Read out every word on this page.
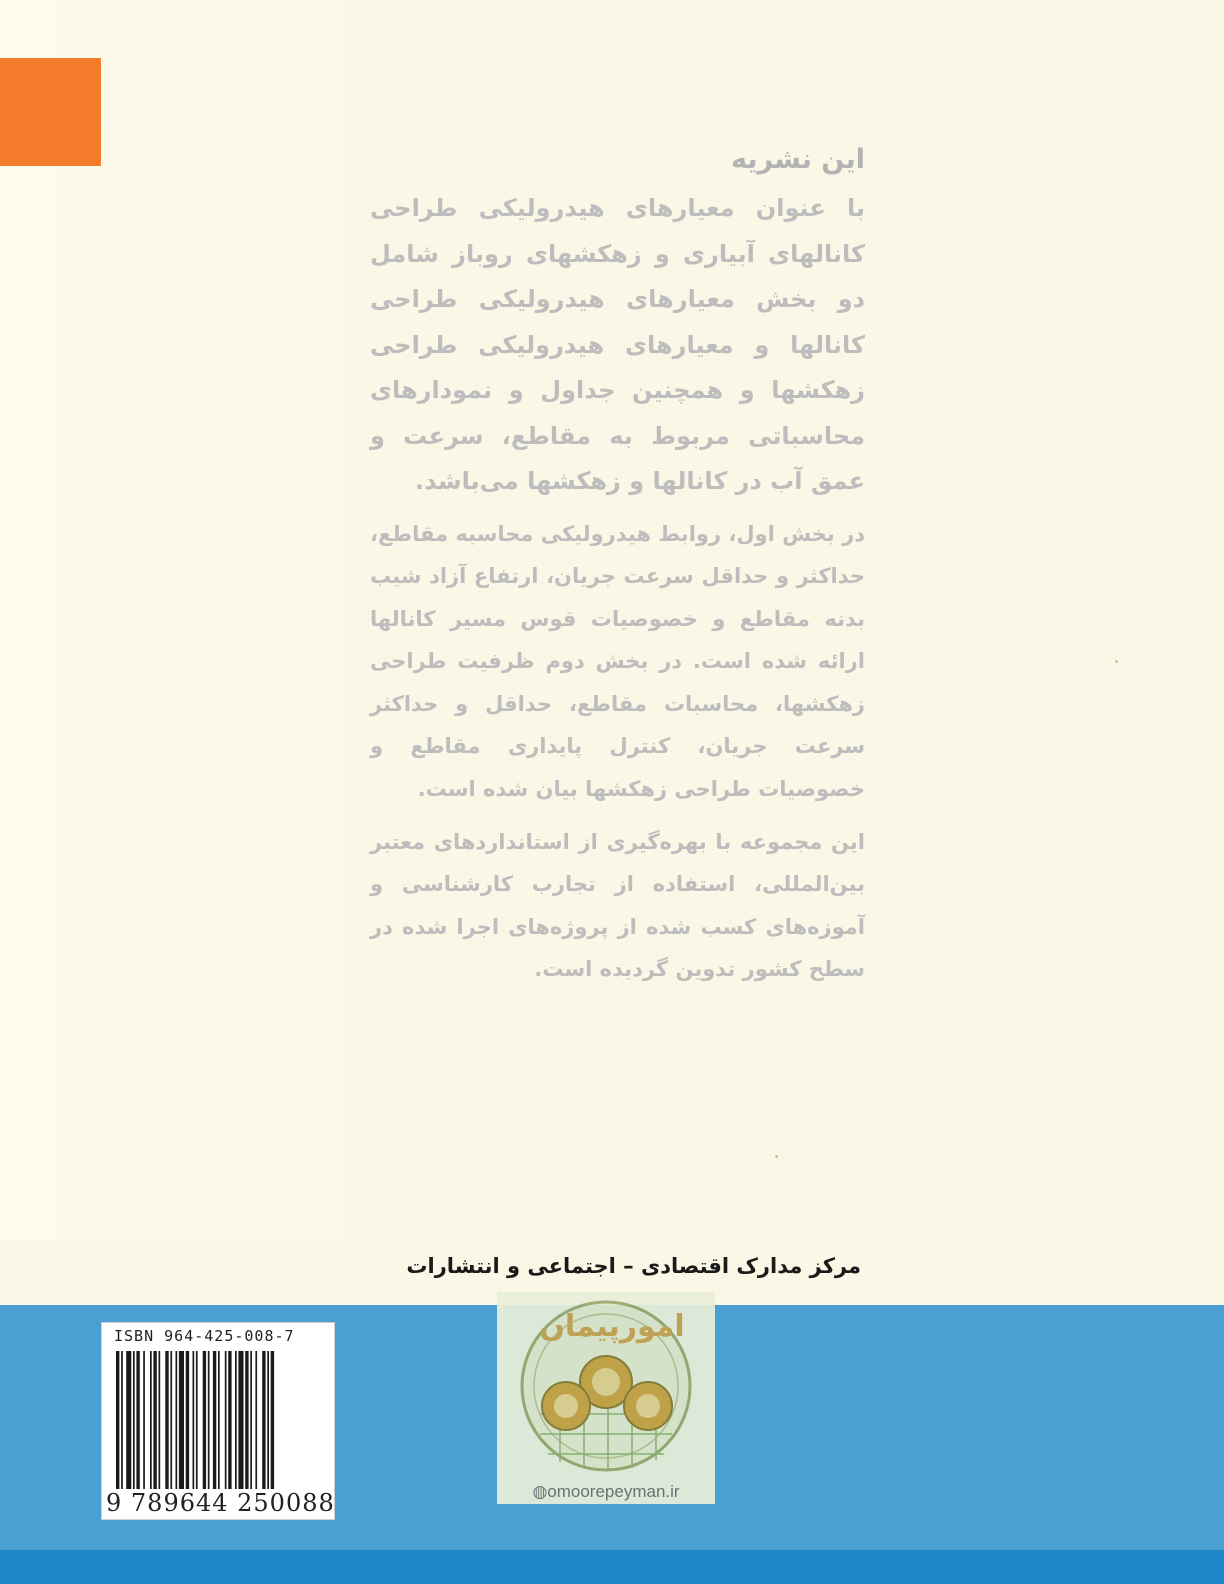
این نشریه
با عنوان معیارهای هیدرولیکی طراحی کانالهای آبیاری و زهکشهای روباز شامل دو بخش معیارهای هیدرولیکی طراحی کانالها و معیارهای هیدرولیکی طراحی زهکشها و همچنین جداول و نمودارهای محاسباتی مربوط به مقاطع، سرعت و عمق آب در کانالها و زهکشها می‌باشد.
در بخش اول، روابط هیدرولیکی محاسبه مقاطع، حداکثر و حداقل سرعت جریان، ارتفاع آزاد شیب بدنه مقاطع و خصوصیات قوس مسیر کانالها ارائه شده است. در بخش دوم ظرفیت طراحی زهکشها، محاسبات مقاطع، حداقل و حداکثر سرعت جریان، کنترل پایداری مقاطع و خصوصیات طراحی زهکشها بیان شده است.
این مجموعه با بهره‌گیری از استانداردهای معتبر بین‌المللی، استفاده از تجارب کارشناسی و آموزه‌های کسب شده از پروژه‌های اجرا شده در سطح کشور تدوین گردیده است.
مرکز مدارک اقتصادی – اجتماعی و انتشارات
ISBN 964-425-008-7
9 789644 250088
امورپیمان
◍omoorepeyman.ir
